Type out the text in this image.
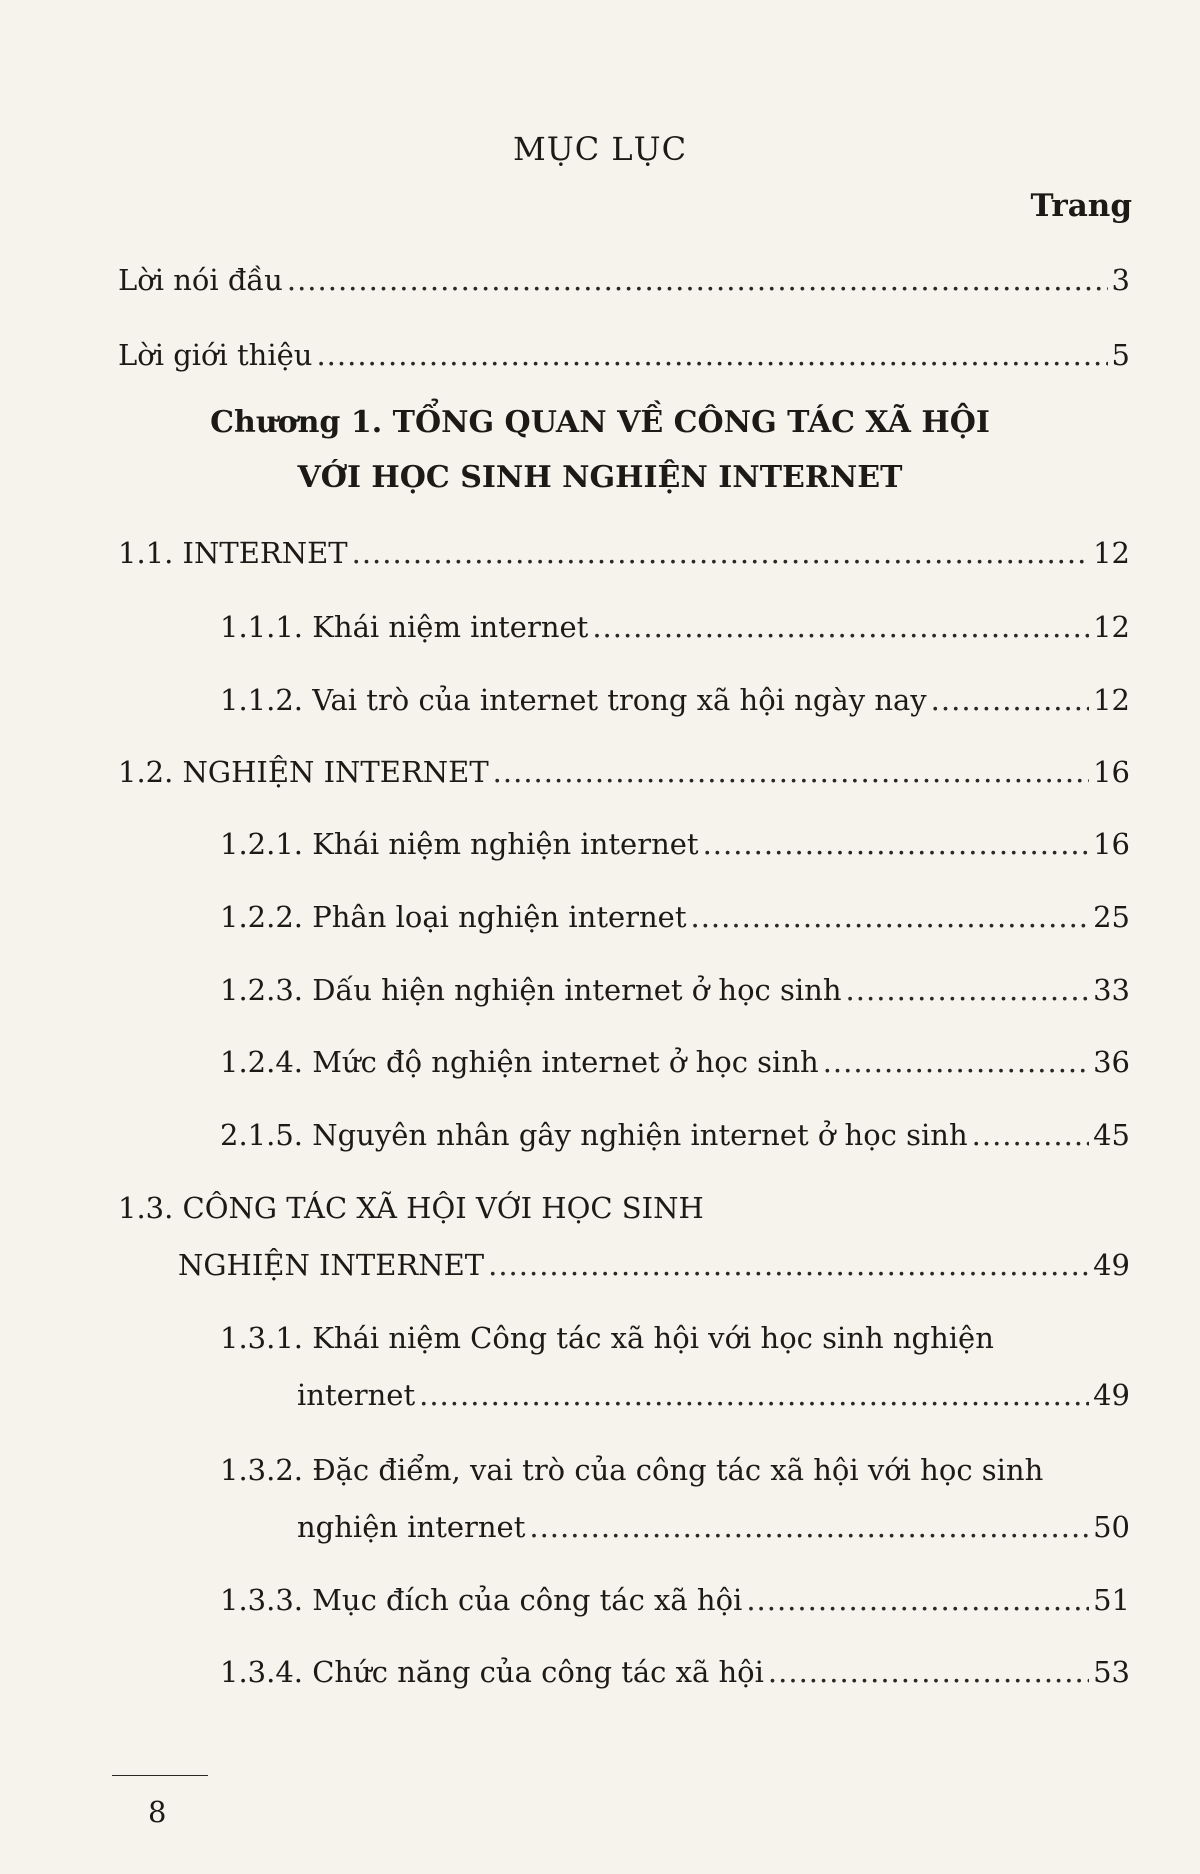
MỤC LỤC
Trang
Lời nói đầu .....	3
Lời giới thiệu .....	5
Chương 1. TỔNG QUAN VỀ CÔNG TÁC XÃ HỘI
VỚI HỌC SINH NGHIỆN INTERNET
1.1. INTERNET .....	12
1.1.1. Khái niệm internet .....	12
1.1.2. Vai trò của internet trong xã hội ngày nay .....	12
1.2. NGHIỆN INTERNET .....	16
1.2.1. Khái niệm nghiện internet .....	16
1.2.2. Phân loại nghiện internet .....	25
1.2.3. Dấu hiện nghiện internet ở học sinh .....	33
1.2.4. Mức độ nghiện internet ở học sinh .....	36
2.1.5. Nguyên nhân gây nghiện internet ở học sinh .....	45
1.3. CÔNG TÁC XÃ HỘI VỚI HỌC SINH
NGHIỆN INTERNET .....	49
1.3.1. Khái niệm Công tác xã hội với học sinh nghiện
internet .....	49
1.3.2. Đặc điểm, vai trò của công tác xã hội với học sinh
nghiện internet .....	50
1.3.3. Mục đích của công tác xã hội .....	51
1.3.4. Chức năng của công tác xã hội .....	53
8
